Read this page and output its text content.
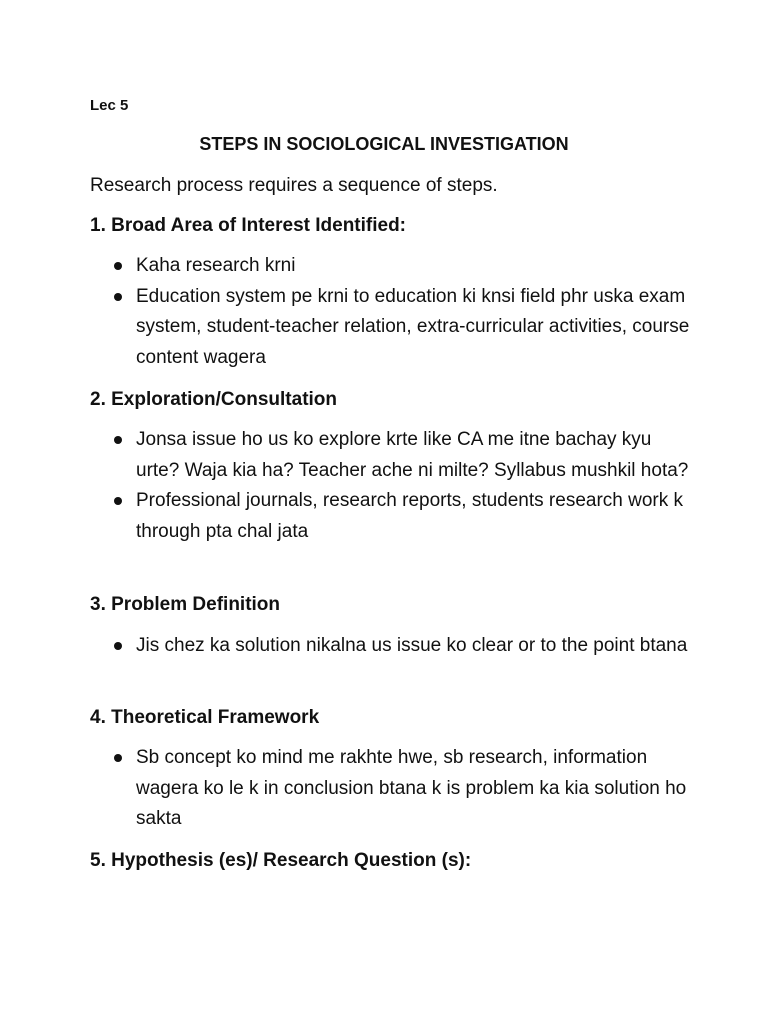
Lec 5
STEPS IN SOCIOLOGICAL INVESTIGATION
Research process requires a sequence of steps.
1. Broad Area of Interest Identified:
Kaha research krni
Education system pe krni to education ki knsi field phr uska exam system, student-teacher relation, extra-curricular activities, course content wagera
2. Exploration/Consultation
Jonsa issue ho us ko explore krte like CA me itne bachay kyu urte? Waja kia ha? Teacher ache ni milte? Syllabus mushkil hota?
Professional journals, research reports, students research work k through pta chal jata
3. Problem Definition
Jis chez ka solution nikalna us issue ko clear or to the point btana
4. Theoretical Framework
Sb concept ko mind me rakhte hwe, sb research, information wagera ko le k in conclusion btana k is problem ka kia solution ho sakta
5. Hypothesis (es)/ Research Question (s):
